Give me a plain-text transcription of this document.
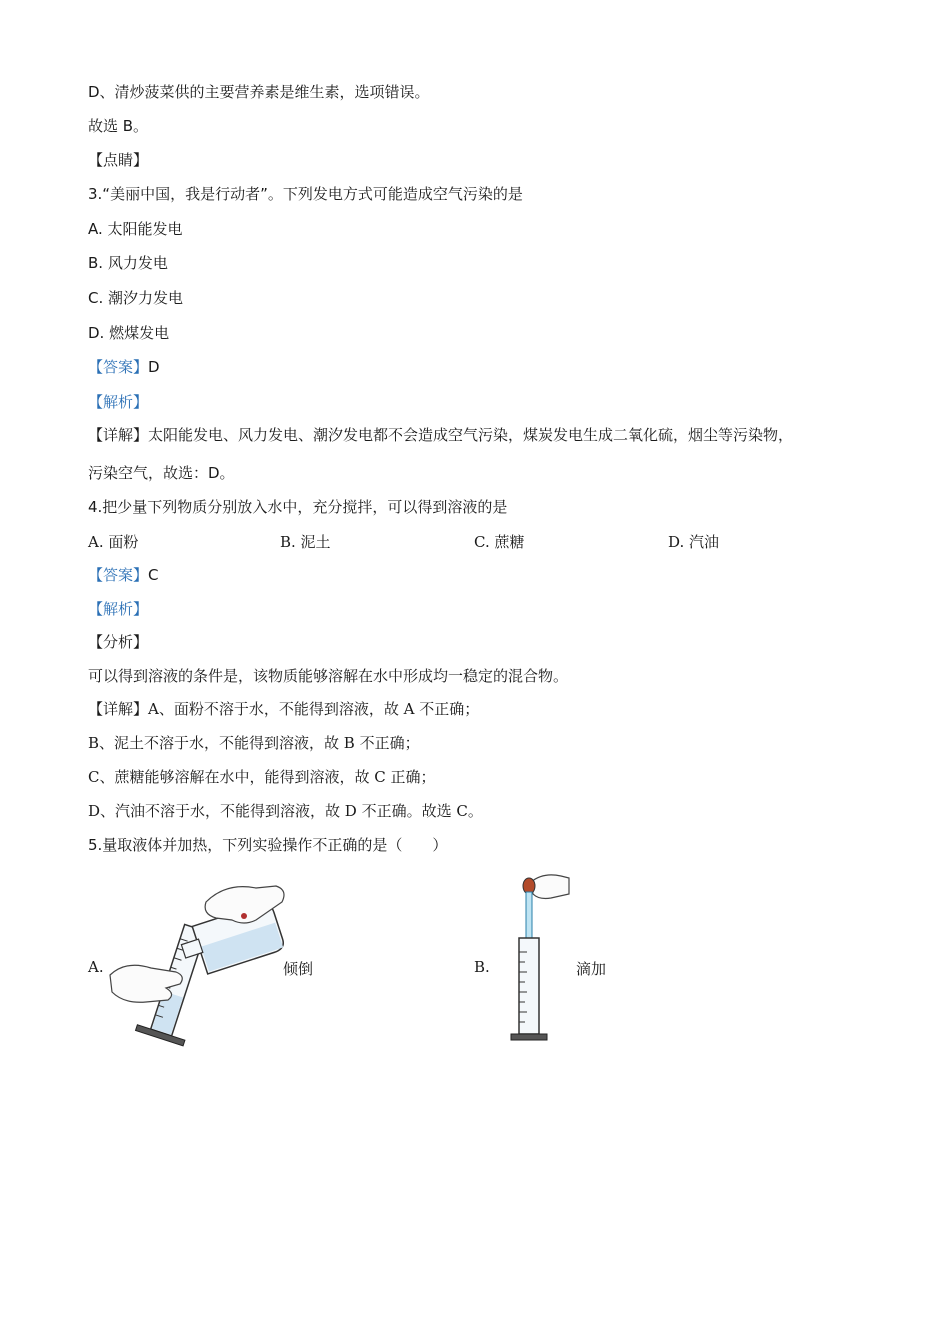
D、清炒菠菜供的主要营养素是维生素，选项错误。
故选 B。
【点睛】
3.“美丽中国，我是行动者”。下列发电方式可能造成空气污染的是
A. 太阳能发电
B. 风力发电
C. 潮汐力发电
D. 燃煤发电
【答案】D
【解析】
【详解】太阳能发电、风力发电、潮汐发电都不会造成空气污染，煤炭发电生成二氧化硫，烟尘等污染物，
污染空气，故选：D。
4.把少量下列物质分别放入水中，充分搅拌，可以得到溶液的是
A. 面粉	B. 泥土	C. 蔗糖	D. 汽油
【答案】C
【解析】
【分析】
可以得到溶液的条件是，该物质能够溶解在水中形成均一稳定的混合物。
【详解】A、面粉不溶于水，不能得到溶液，故 A 不正确；
B、泥土不溶于水，不能得到溶液，故 B 不正确；
C、蔗糖能够溶解在水中，能得到溶液，故 C 正确；
D、汽油不溶于水，不能得到溶液，故 D 不正确。故选 C。
5.量取液体并加热，下列实验操作不正确的是（　　）
A.	倾倒	B.	滴加
